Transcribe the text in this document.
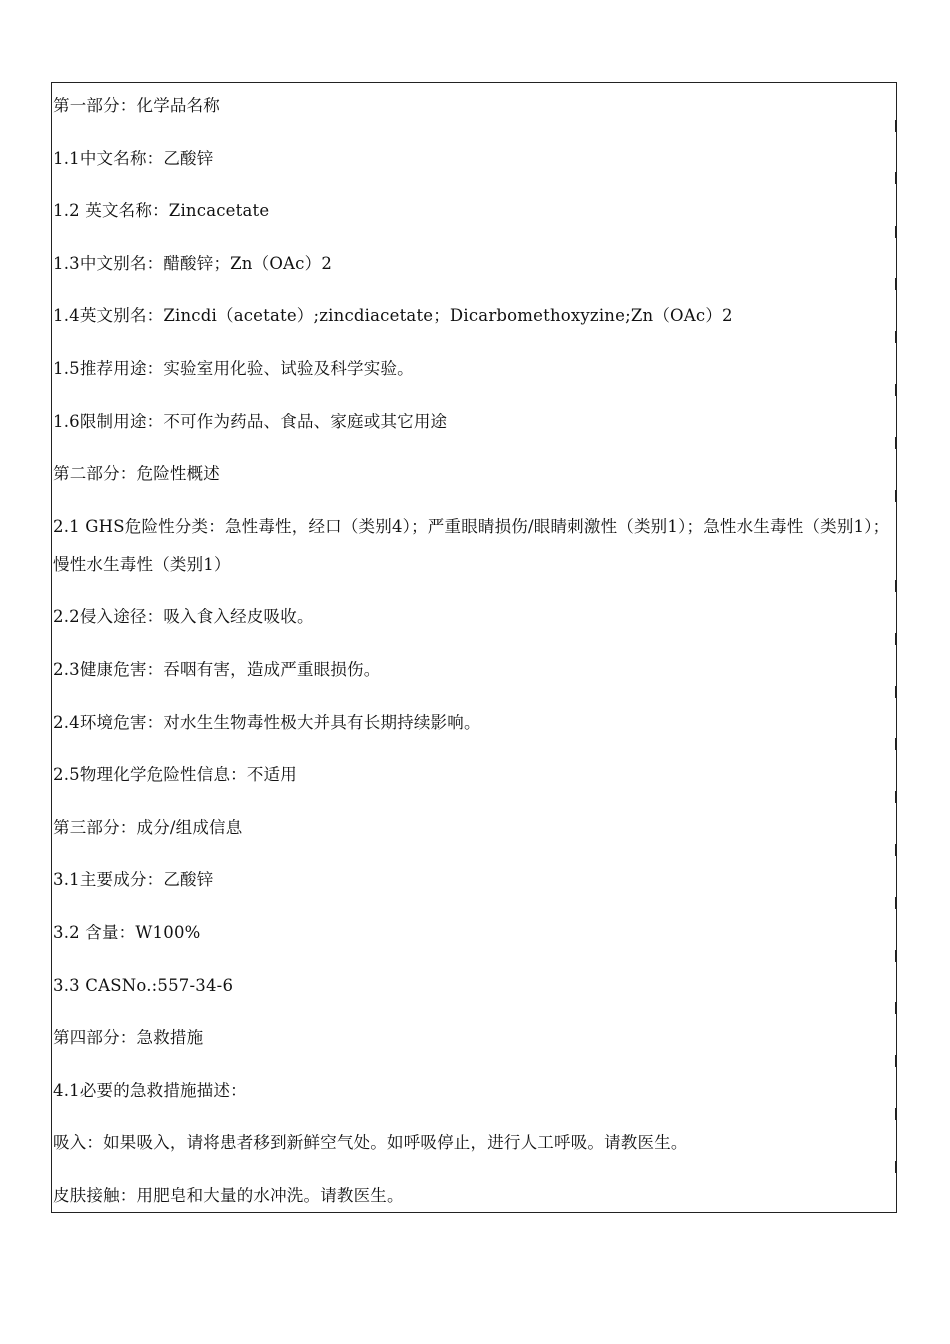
第一部分：化学品名称
1.1中文名称：乙酸锌
1.2 英文名称：Zincacetate
1.3中文别名：醋酸锌；Zn（OAc）2
1.4英文别名：Zincdi（acetate）;zincdiacetate；Dicarbomethoxyzine;Zn（OAc）2
1.5推荐用途：实验室用化验、试验及科学实验。
1.6限制用途：不可作为药品、食品、家庭或其它用途
第二部分：危险性概述
2.1 GHS危险性分类：急性毒性，经口（类别4）；严重眼睛损伤/眼睛刺激性（类别1）；急性水生毒性（类别1）；慢性水生毒性（类别1）
2.2侵入途径：吸入食入经皮吸收。
2.3健康危害：吞咽有害，造成严重眼损伤。
2.4环境危害：对水生生物毒性极大并具有长期持续影响。
2.5物理化学危险性信息：不适用
第三部分：成分/组成信息
3.1主要成分：乙酸锌
3.2 含量：W100%
3.3 CASNo.:557-34-6
第四部分：急救措施
4.1必要的急救措施描述：
吸入：如果吸入，请将患者移到新鲜空气处。如呼吸停止，进行人工呼吸。请教医生。
皮肤接触：用肥皂和大量的水冲洗。请教医生。
